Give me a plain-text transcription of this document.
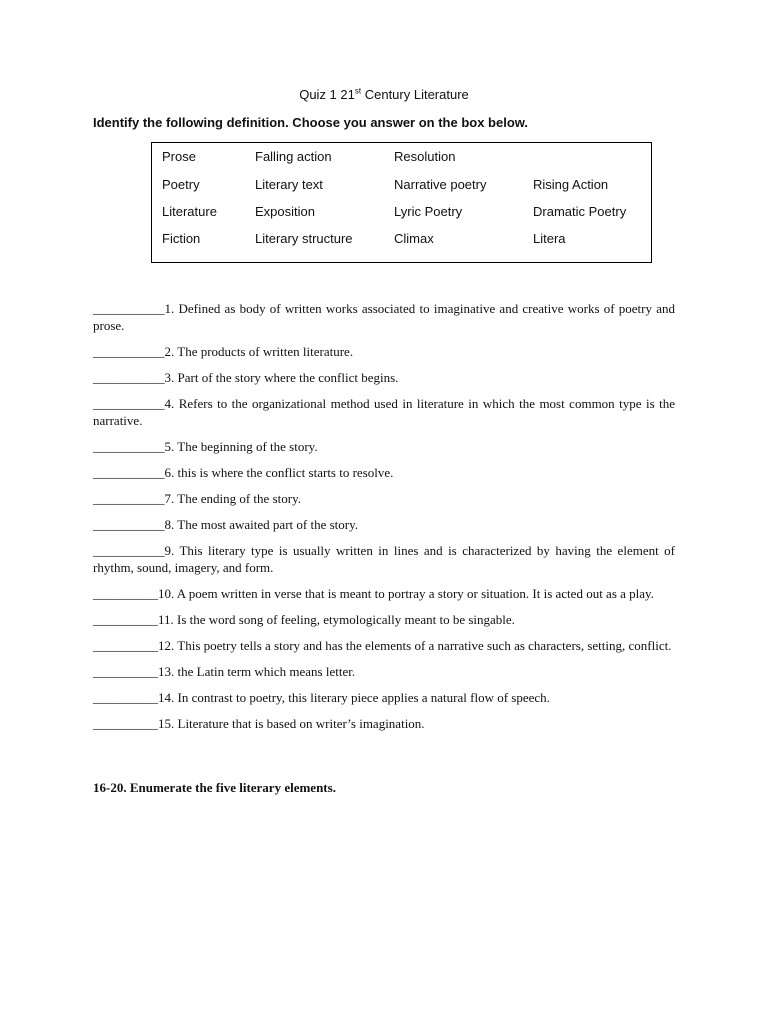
Quiz 1 21st Century Literature
Identify the following definition. Choose you answer on the box below.
Prose	Falling action	Resolution
Poetry	Literary text	Narrative poetry	Rising Action
Literature	Exposition	Lyric Poetry	Dramatic Poetry
Fiction	Literary structure	Climax	Litera

___________1. Defined as body of written works associated to imaginative and creative works of poetry and prose.

___________2. The products of written literature.

___________3. Part of the story where the conflict begins.

___________4. Refers to the organizational method used in literature in which the most common type is the narrative.

___________5. The beginning of the story.

___________6. this is where the conflict starts to resolve.

___________7. The ending of the story.

___________8. The most awaited part of the story.

___________9. This literary type is usually written in lines and is characterized by having the element of rhythm, sound, imagery, and form.

__________10. A poem written in verse that is meant to portray a story or situation. It is acted out as a play.

__________11. Is the word song of feeling, etymologically meant to be singable.

__________12. This poetry tells a story and has the elements of a narrative such as characters, setting, conflict.

__________13. the Latin term which means letter.

__________14. In contrast to poetry, this literary piece applies a natural flow of speech.

__________15. Literature that is based on writer’s imagination.

16-20. Enumerate the five literary elements.
